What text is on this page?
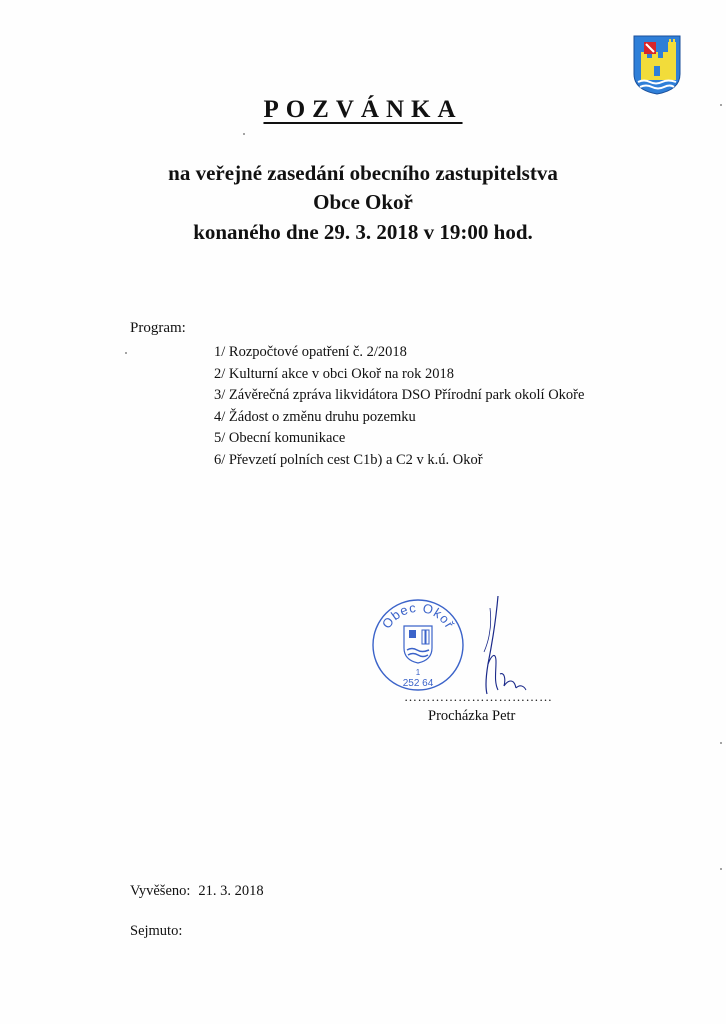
POZVÁNKA
na veřejné zasedání obecního zastupitelstva
Obce Okoř
konaného dne 29. 3. 2018 v 19:00 hod.
Program:
1/ Rozpočtové opatření č. 2/2018
2/ Kulturní akce v obci Okoř na rok 2018
3/ Závěrečná zpráva likvidátora DSO Přírodní park okolí Okoře
4/ Žádost o změnu druhu pozemku
5/ Obecní komunikace
6/ Převzetí polních cest C1b) a C2 v k.ú. Okoř
Obec Okoř
1
252 64
……………………………
Procházka Petr
Vyvěšeno: 21. 3. 2018
Sejmuto:
